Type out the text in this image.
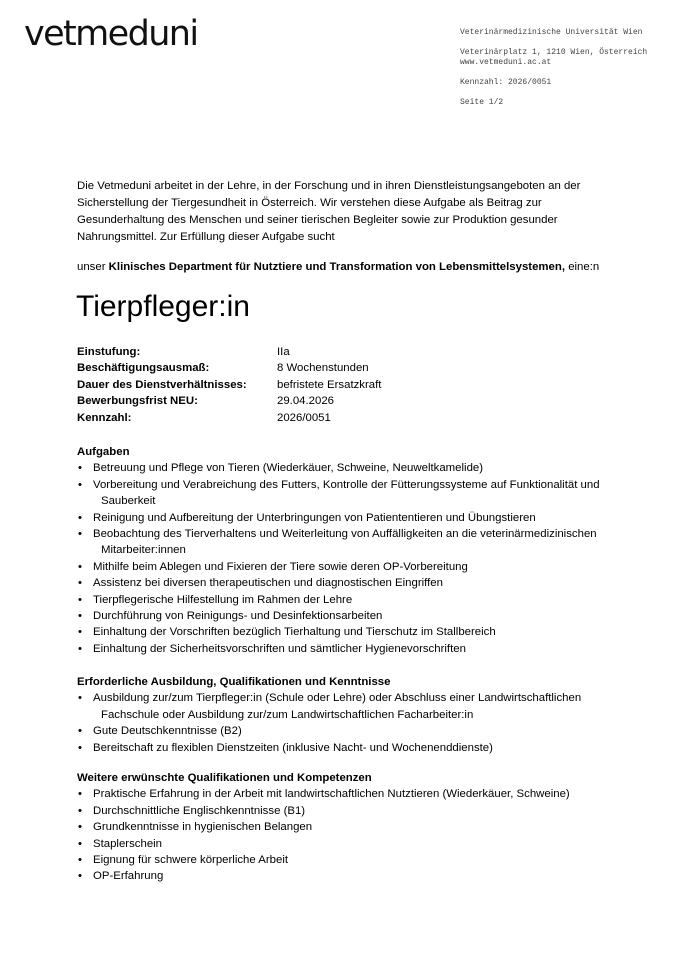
vetmeduni	Veterinärmedizinische Universität Wien
Veterinärplatz 1, 1210 Wien, Österreich
www.vetmeduni.ac.at
Kennzahl: 2026/0051
Seite 1/2
Die Vetmeduni arbeitet in der Lehre, in der Forschung und in ihren Dienstleistungsangeboten an der Sicherstellung der Tiergesundheit in Österreich. Wir verstehen diese Aufgabe als Beitrag zur Gesunderhaltung des Menschen und seiner tierischen Begleiter sowie zur Produktion gesunder Nahrungsmittel. Zur Erfüllung dieser Aufgabe sucht
unser Klinisches Department für Nutztiere und Transformation von Lebensmittelsystemen, eine:n
Tierpfleger:in
Einstufung:	IIa
Beschäftigungsausmaß:	8 Wochenstunden
Dauer des Dienstverhältnisses:	befristete Ersatzkraft
Bewerbungsfrist NEU:	29.04.2026
Kennzahl:	2026/0051
Aufgaben
• Betreuung und Pflege von Tieren (Wiederkäuer, Schweine, Neuweltkamelide)
• Vorbereitung und Verabreichung des Futters, Kontrolle der Fütterungssysteme auf Funktionalität und
Sauberkeit
• Reinigung und Aufbereitung der Unterbringungen von Patiententieren und Übungstieren
• Beobachtung des Tierverhaltens und Weiterleitung von Auffälligkeiten an die veterinärmedizinischen
Mitarbeiter:innen
• Mithilfe beim Ablegen und Fixieren der Tiere sowie deren OP-Vorbereitung
• Assistenz bei diversen therapeutischen und diagnostischen Eingriffen
• Tierpflegerische Hilfestellung im Rahmen der Lehre
• Durchführung von Reinigungs- und Desinfektionsarbeiten
• Einhaltung der Vorschriften bezüglich Tierhaltung und Tierschutz im Stallbereich
• Einhaltung der Sicherheitsvorschriften und sämtlicher Hygienevorschriften
Erforderliche Ausbildung, Qualifikationen und Kenntnisse
• Ausbildung zur/zum Tierpfleger:in (Schule oder Lehre) oder Abschluss einer Landwirtschaftlichen
Fachschule oder Ausbildung zur/zum Landwirtschaftlichen Facharbeiter:in
• Gute Deutschkenntnisse (B2)
• Bereitschaft zu flexiblen Dienstzeiten (inklusive Nacht- und Wochenenddienste)
Weitere erwünschte Qualifikationen und Kompetenzen
• Praktische Erfahrung in der Arbeit mit landwirtschaftlichen Nutztieren (Wiederkäuer, Schweine)
• Durchschnittliche Englischkenntnisse (B1)
• Grundkenntnisse in hygienischen Belangen
• Staplerschein
• Eignung für schwere körperliche Arbeit
• OP-Erfahrung
